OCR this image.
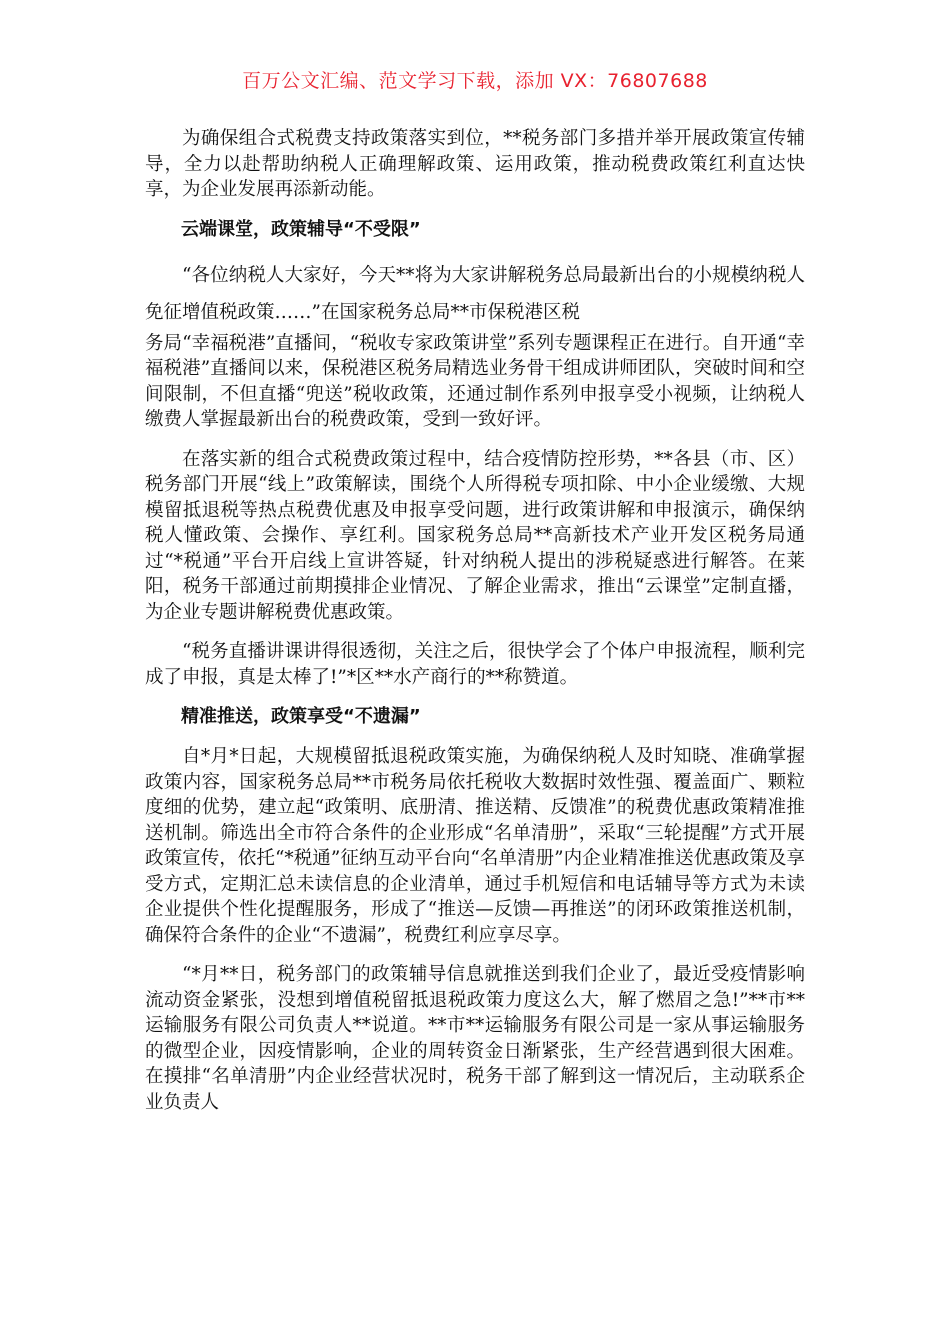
百万公文汇编、范文学习下载，添加 VX：76807688

为确保组合式税费支持政策落实到位，**税务部门多措并举开展政策宣传辅导，全力以赴帮助纳税人正确理解政策、运用政策，推动税费政策红利直达快享，为企业发展再添新动能。

云端课堂，政策辅导“不受限”

“各位纳税人大家好，今天**将为大家讲解税务总局最新出台的小规模纳税人免征增值税政策……”在国家税务总局**市保税港区税

务局“幸福税港”直播间，“税收专家政策讲堂”系列专题课程正在进行。自开通“幸福税港”直播间以来，保税港区税务局精选业务骨干组成讲师团队，突破时间和空间限制，不但直播“兜送”税收政策，还通过制作系列申报享受小视频，让纳税人缴费人掌握最新出台的税费政策，受到一致好评。

在落实新的组合式税费政策过程中，结合疫情防控形势，**各县（市、区）税务部门开展“线上”政策解读，围绕个人所得税专项扣除、中小企业缓缴、大规模留抵退税等热点税费优惠及申报享受问题，进行政策讲解和申报演示，确保纳税人懂政策、会操作、享红利。国家税务总局**高新技术产业开发区税务局通过“*税通”平台开启线上宣讲答疑，针对纳税人提出的涉税疑惑进行解答。在莱阳，税务干部通过前期摸排企业情况、了解企业需求，推出“云课堂”定制直播，为企业专题讲解税费优惠政策。

“税务直播讲课讲得很透彻，关注之后，很快学会了个体户申报流程，顺利完成了申报，真是太棒了!”*区**水产商行的**称赞道。

精准推送，政策享受“不遗漏”

自*月*日起，大规模留抵退税政策实施，为确保纳税人及时知晓、准确掌握政策内容，国家税务总局**市税务局依托税收大数据时效性强、覆盖面广、颗粒度细的优势，建立起“政策明、底册清、推送精、反馈准”的税费优惠政策精准推送机制。筛选出全市符合条件的企业形成“名单清册”，采取“三轮提醒”方式开展政策宣传，依托“*税通”征纳互动平台向“名单清册”内企业精准推送优惠政策及享受方式，定期汇总未读信息的企业清单，通过手机短信和电话辅导等方式为未读企业提供个性化提醒服务，形成了“推送—反馈—再推送”的闭环政策推送机制，确保符合条件的企业“不遗漏”，税费红利应享尽享。

“*月**日，税务部门的政策辅导信息就推送到我们企业了，最近受疫情影响流动资金紧张，没想到增值税留抵退税政策力度这么大，解了燃眉之急!”**市**运输服务有限公司负责人**说道。**市**运输服务有限公司是一家从事运输服务的微型企业，因疫情影响，企业的周转资金日渐紧张，生产经营遇到很大困难。在摸排“名单清册”内企业经营状况时，税务干部了解到这一情况后，主动联系企业负责人
